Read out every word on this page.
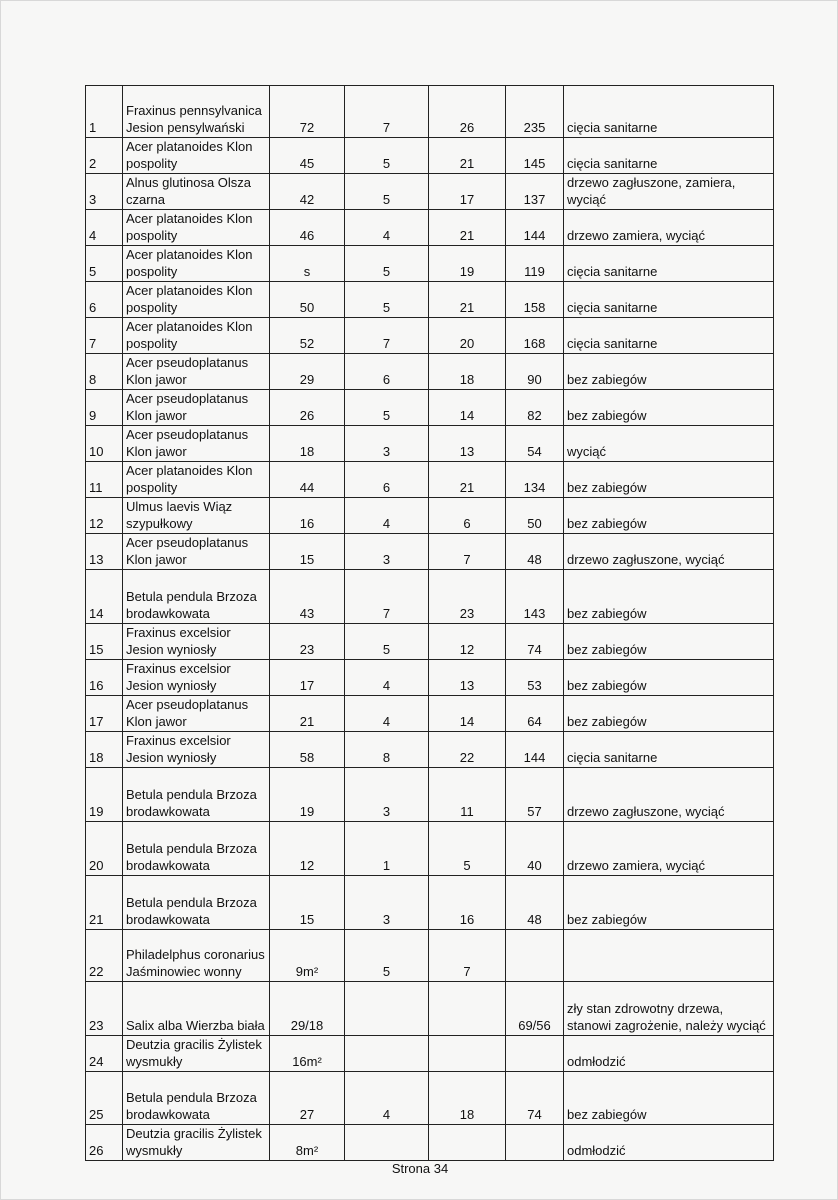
1	Fraxinus pennsylvanica Jesion pensylwański	72	7	26	235	cięcia sanitarne
2	Acer platanoides Klon pospolity	45	5	21	145	cięcia sanitarne
3	Alnus glutinosa Olsza czarna	42	5	17	137	drzewo zagłuszone, zamiera, wyciąć
4	Acer platanoides Klon pospolity	46	4	21	144	drzewo zamiera, wyciąć
5	Acer platanoides Klon pospolity	s	5	19	119	cięcia sanitarne
6	Acer platanoides Klon pospolity	50	5	21	158	cięcia sanitarne
7	Acer platanoides Klon pospolity	52	7	20	168	cięcia sanitarne
8	Acer pseudoplatanus Klon jawor	29	6	18	90	bez zabiegów
9	Acer pseudoplatanus Klon jawor	26	5	14	82	bez zabiegów
10	Acer pseudoplatanus Klon jawor	18	3	13	54	wyciąć
11	Acer platanoides Klon pospolity	44	6	21	134	bez zabiegów
12	Ulmus laevis Wiąz szypułkowy	16	4	6	50	bez zabiegów
13	Acer pseudoplatanus Klon jawor	15	3	7	48	drzewo zagłuszone, wyciąć
14	Betula pendula Brzoza brodawkowata	43	7	23	143	bez zabiegów
15	Fraxinus excelsior Jesion wyniosły	23	5	12	74	bez zabiegów
16	Fraxinus excelsior Jesion wyniosły	17	4	13	53	bez zabiegów
17	Acer pseudoplatanus Klon jawor	21	4	14	64	bez zabiegów
18	Fraxinus excelsior Jesion wyniosły	58	8	22	144	cięcia sanitarne
19	Betula pendula Brzoza brodawkowata	19	3	11	57	drzewo zagłuszone, wyciąć
20	Betula pendula Brzoza brodawkowata	12	1	5	40	drzewo zamiera, wyciąć
21	Betula pendula Brzoza brodawkowata	15	3	16	48	bez zabiegów
22	Philadelphus coronarius Jaśminowiec wonny	9m²	5	7		
23	Salix alba Wierzba biała	29/18			69/56	zły stan zdrowotny drzewa, stanowi zagrożenie, należy wyciąć
24	Deutzia gracilis Żylistek wysmukły	16m²				odmłodzić
25	Betula pendula Brzoza brodawkowata	27	4	18	74	bez zabiegów
26	Deutzia gracilis Żylistek wysmukły	8m²				odmłodzić
Strona 34
